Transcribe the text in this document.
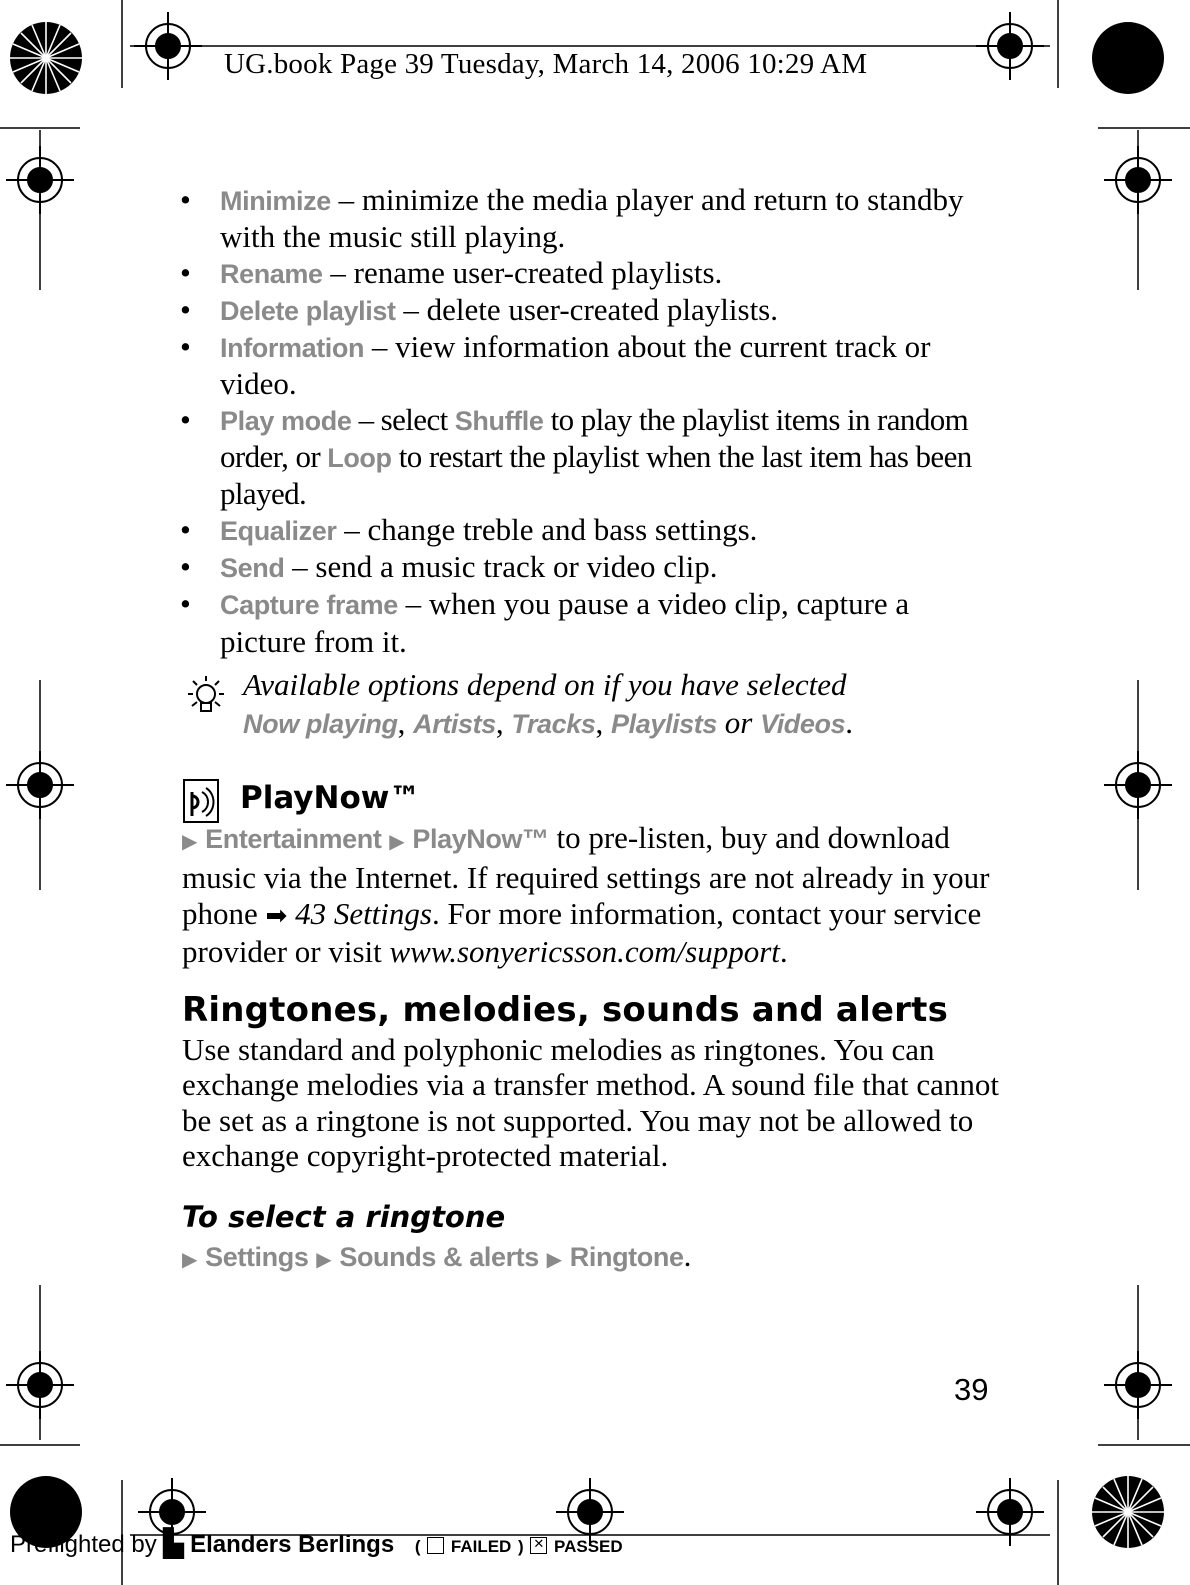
UG.book Page 39 Tuesday, March 14, 2006 10:29 AM
•	Minimize – minimize the media player and return to standby with the music still playing.
•	Rename – rename user-created playlists.
•	Delete playlist – delete user-created playlists.
•	Information – view information about the current track or video.
•	Play mode – select Shuffle to play the playlist items in random order, or Loop to restart the playlist when the last item has been played.
•	Equalizer – change treble and bass settings.
•	Send – send a music track or video clip.
•	Capture frame – when you pause a video clip, capture a picture from it.
Available options depend on if you have selected
Now playing, Artists, Tracks, Playlists or Videos.
PlayNow™
▶ Entertainment ▶ PlayNow™ to pre-listen, buy and download music via the Internet. If required settings are not already in your phone ➡ 43 Settings. For more information, contact your service provider or visit www.sonyericsson.com/support.
Ringtones, melodies, sounds and alerts
Use standard and polyphonic melodies as ringtones. You can exchange melodies via a transfer method. A sound file that cannot be set as a ringtone is not supported. You may not be allowed to exchange copyright-protected material.
To select a ringtone
▶ Settings ▶ Sounds & alerts ▶ Ringtone.
39
Preflighted by ▙ Elanders Berlings ( FAILED ) ✕ PASSED
